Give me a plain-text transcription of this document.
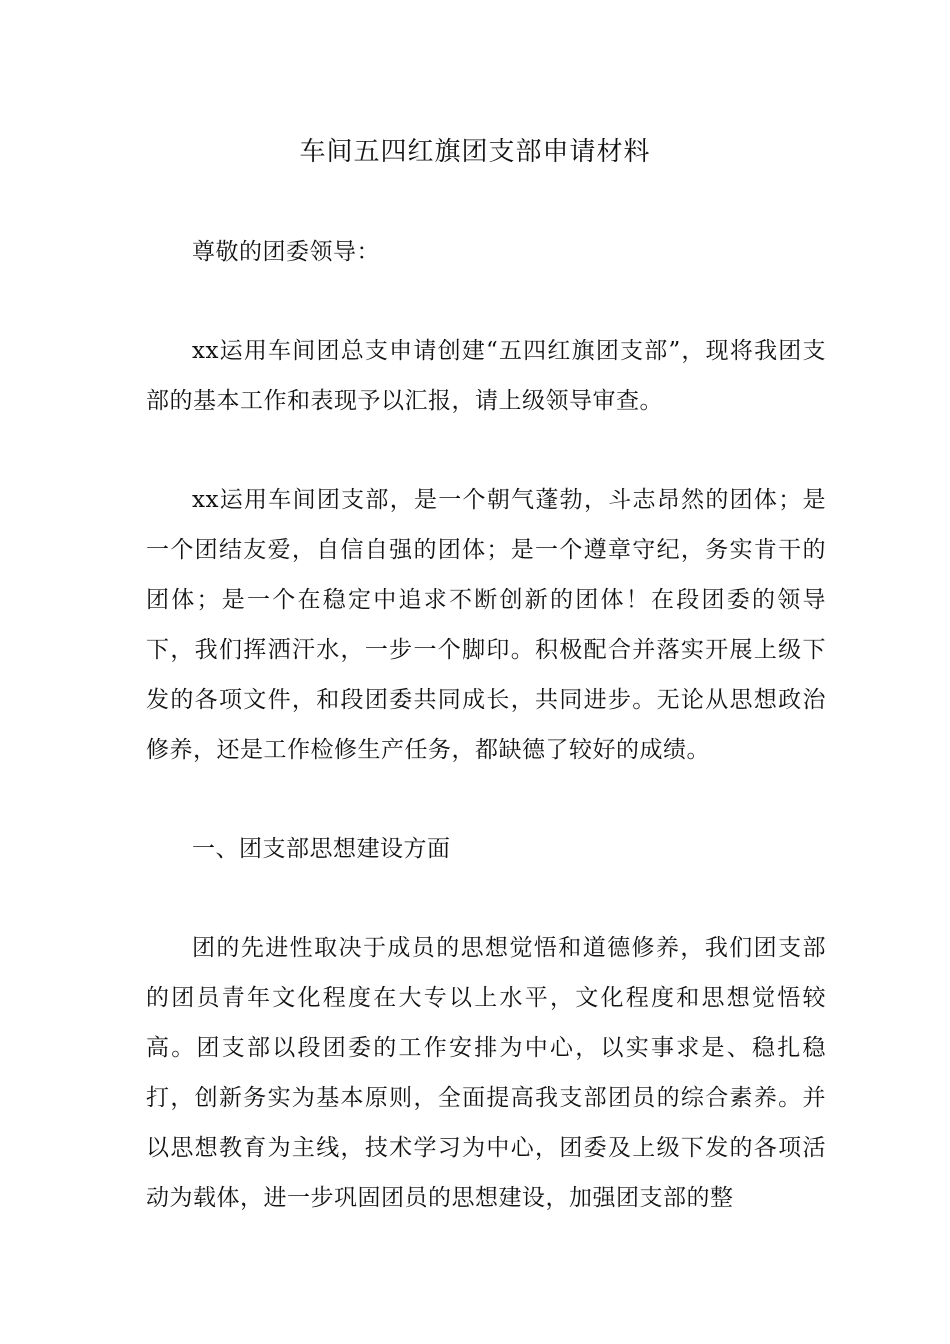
车间五四红旗团支部申请材料

尊敬的团委领导：

xx运用车间团总支申请创建“五四红旗团支部”，现将我团支部的基本工作和表现予以汇报，请上级领导审查。

xx运用车间团支部，是一个朝气蓬勃，斗志昂然的团体；是一个团结友爱，自信自强的团体；是一个遵章守纪，务实肯干的团体；是一个在稳定中追求不断创新的团体！在段团委的领导下，我们挥洒汗水，一步一个脚印。积极配合并落实开展上级下发的各项文件，和段团委共同成长，共同进步。无论从思想政治修养，还是工作检修生产任务，都缺德了较好的成绩。

一、团支部思想建设方面

团的先进性取决于成员的思想觉悟和道德修养，我们团支部的团员青年文化程度在大专以上水平，文化程度和思想觉悟较高。团支部以段团委的工作安排为中心，以实事求是、稳扎稳打，创新务实为基本原则，全面提高我支部团员的综合素养。并以思想教育为主线，技术学习为中心，团委及上级下发的各项活动为载体，进一步巩固团员的思想建设，加强团支部的整
